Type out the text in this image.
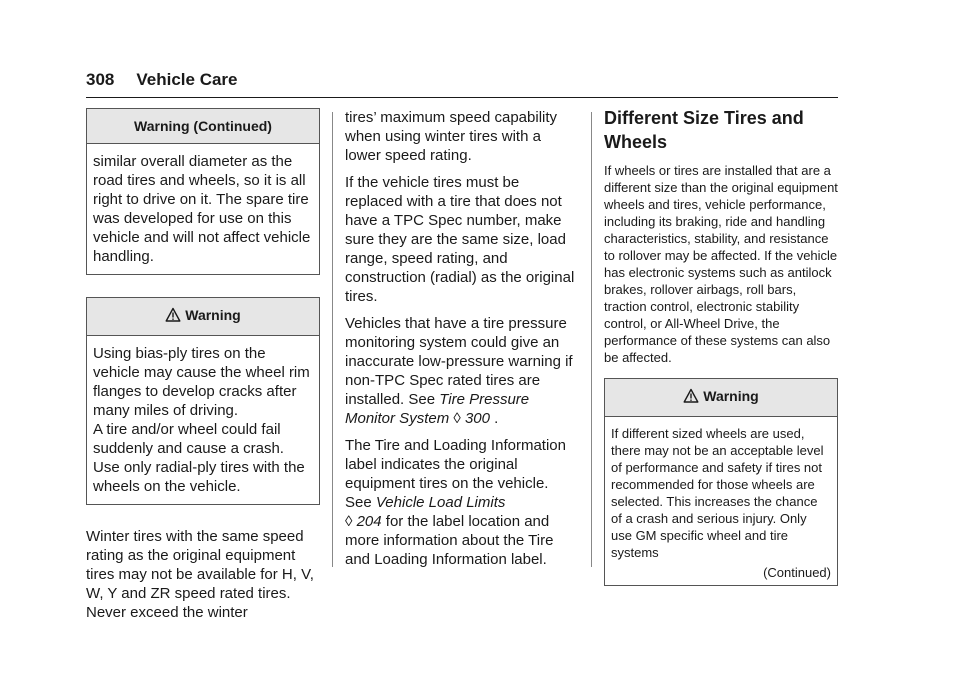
308 Vehicle Care
Warning (Continued)
similar overall diameter as the road tires and wheels, so it is all right to drive on it. The spare tire was developed for use on this vehicle and will not affect vehicle handling.
Warning
Using bias-ply tires on the vehicle may cause the wheel rim flanges to develop cracks after many miles of driving.
A tire and/or wheel could fail suddenly and cause a crash.
Use only radial-ply tires with the wheels on the vehicle.

Winter tires with the same speed rating as the original equipment tires may not be available for H, V, W, Y and ZR speed rated tires. Never exceed the winter

tires’ maximum speed capability when using winter tires with a lower speed rating.

If the vehicle tires must be replaced with a tire that does not have a TPC Spec number, make sure they are the same size, load range, speed rating, and construction (radial) as the original tires.

Vehicles that have a tire pressure monitoring system could give an inaccurate low-pressure warning if non-TPC Spec rated tires are installed. See Tire Pressure Monitor System ◊ 300 .

The Tire and Loading Information label indicates the original equipment tires on the vehicle. See Vehicle Load Limits
◊ 204 for the label location and more information about the Tire and Loading Information label.

Different Size Tires and Wheels

If wheels or tires are installed that are a different size than the original equipment wheels and tires, vehicle performance, including its braking, ride and handling characteristics, stability, and resistance to rollover may be affected. If the vehicle has electronic systems such as antilock brakes, rollover airbags, roll bars, traction control, electronic stability control, or All-Wheel Drive, the performance of these systems can also be affected.

Warning
If different sized wheels are used, there may not be an acceptable level of performance and safety if tires not recommended for those wheels are selected. This increases the chance of a crash and serious injury. Only use GM specific wheel and tire systems
(Continued)
